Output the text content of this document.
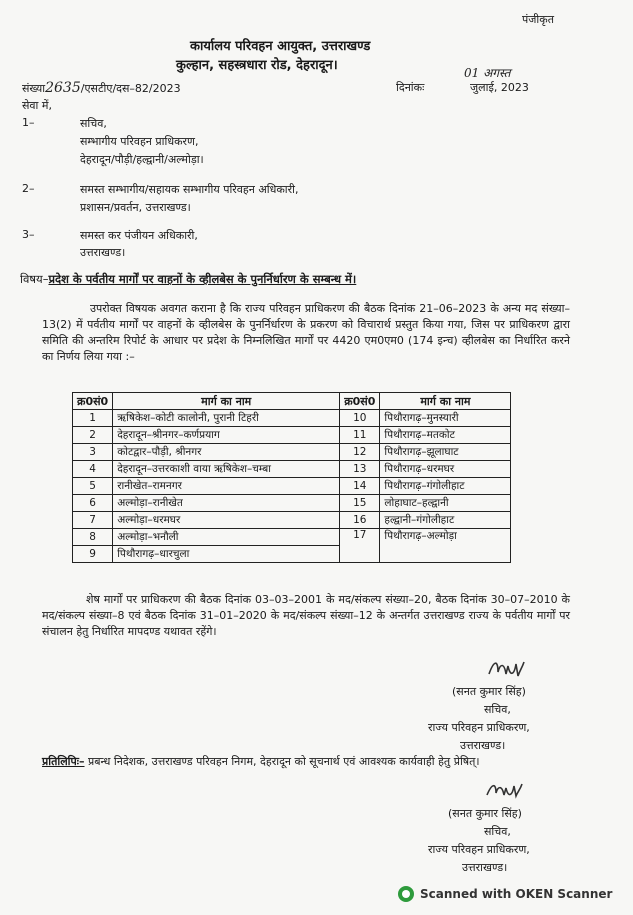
पंजीकृत
कार्यालय परिवहन आयुक्त, उत्तराखण्ड
कुल्हान, सहस्त्रधारा रोड, देहरादून।
संख्या2635/एसटीए/दस–82/2023	दिनांकः
01 अगस्त
जुलाई, 2023
सेवा में,
1–	सचिव,
सम्भागीय परिवहन प्राधिकरण,
देहरादून/पौड़ी/हल्द्वानी/अल्मोड़ा।
2–	समस्त सम्भागीय/सहायक सम्भागीय परिवहन अधिकारी,
प्रशासन/प्रवर्तन, उत्तराखण्ड।
3–	समस्त कर पंजीयन अधिकारी,
उत्तराखण्ड।
विषय–प्रदेश के पर्वतीय मार्गों पर वाहनों के व्हीलबेस के पुनर्निर्धारण के सम्बन्ध में।
उपरोक्त विषयक अवगत कराना है कि राज्य परिवहन प्राधिकरण की बैठक दिनांक 21–06–2023 के अन्य मद संख्या–13(2) में पर्वतीय मार्गों पर वाहनों के व्हीलबेस के पुनर्निर्धारण के प्रकरण को विचारार्थ प्रस्तुत किया गया, जिस पर प्राधिकरण द्वारा समिति की अन्तरिम रिपोर्ट के आधार पर प्रदेश के निम्नलिखित मार्गों पर 4420 एम0एम0 (174 इन्च) व्हीलबेस का निर्धारित करने का निर्णय लिया गया :–
क्र0सं0	मार्ग का नाम	क्र0सं0	मार्ग का नाम
1	ऋषिकेश–कोटी कालोनी, पुरानी टिहरी	10	पिथौरागढ़–मुनस्यारी
2	देहरादून–श्रीनगर–कर्णप्रयाग	11	पिथौरागढ़–मतकोट
3	कोटद्वार–पौड़ी, श्रीनगर	12	पिथौरागढ़–झूलाघाट
4	देहरादून–उत्तरकाशी वाया ऋषिकेश–चम्बा	13	पिथौरागढ़–धरमघर
5	रानीखेत–रामनगर	14	पिथौरागढ़–गंगोलीहाट
6	अल्मोड़ा–रानीखेत	15	लोहाघाट–हल्द्वानी
7	अल्मोड़ा–धरमघर	16	हल्द्वानी–गंगोलीहाट
8	अल्मोड़ा–भनौली	17	पिथौरागढ़–अल्मोड़ा
9	पिथौरागढ़–धारचुला		
शेष मार्गों पर प्राधिकरण की बैठक दिनांक 03–03–2001 के मद/संकल्प संख्या–20, बैठक दिनांक 30–07–2010 के मद/संकल्प संख्या–8 एवं बैठक दिनांक 31–01–2020 के मद/संकल्प संख्या–12 के अन्तर्गत उत्तराखण्ड राज्य के पर्वतीय मार्गों पर संचालन हेतु निर्धारित मापदण्ड यथावत रहेंगे।
(सनत कुमार सिंह)
सचिव,
राज्य परिवहन प्राधिकरण,
उत्तराखण्ड।
प्रतिलिपिः– प्रबन्ध निदेशक, उत्तराखण्ड परिवहन निगम, देहरादून को सूचनार्थ एवं आवश्यक कार्यवाही हेतु प्रेषित्।
(सनत कुमार सिंह)
सचिव,
राज्य परिवहन प्राधिकरण,
उत्तराखण्ड।
Scanned with OKEN Scanner
